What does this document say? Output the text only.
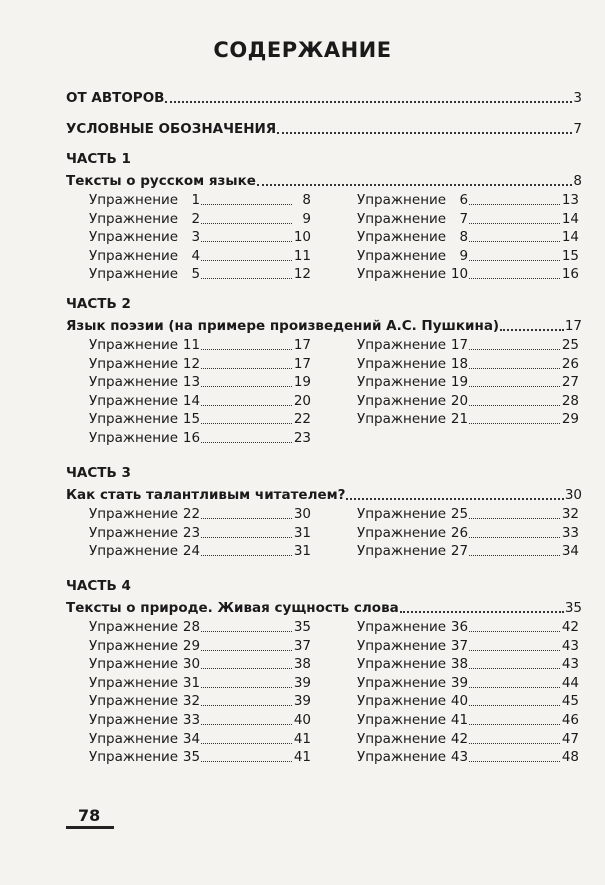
СОДЕРЖАНИЕ
ОТ АВТОРОВ	3
УСЛОВНЫЕ ОБОЗНАЧЕНИЯ	7
ЧАСТЬ 1
Тексты о русском языке	8
Упражнение 1	8
Упражнение 2	9
Упражнение 3	10
Упражнение 4	11
Упражнение 5	12
Упражнение 6	13
Упражнение 7	14
Упражнение 8	14
Упражнение 9	15
Упражнение 10	16
ЧАСТЬ 2
Язык поэзии (на примере произведений А.С. Пушкина)	17
Упражнение 11	17
Упражнение 12	17
Упражнение 13	19
Упражнение 14	20
Упражнение 15	22
Упражнение 16	23
Упражнение 17	25
Упражнение 18	26
Упражнение 19	27
Упражнение 20	28
Упражнение 21	29
ЧАСТЬ 3
Как стать талантливым читателем?	30
Упражнение 22	30
Упражнение 23	31
Упражнение 24	31
Упражнение 25	32
Упражнение 26	33
Упражнение 27	34
ЧАСТЬ 4
Тексты о природе. Живая сущность слова	35
Упражнение 28	35
Упражнение 29	37
Упражнение 30	38
Упражнение 31	39
Упражнение 32	39
Упражнение 33	40
Упражнение 34	41
Упражнение 35	41
Упражнение 36	42
Упражнение 37	43
Упражнение 38	43
Упражнение 39	44
Упражнение 40	45
Упражнение 41	46
Упражнение 42	47
Упражнение 43	48
78
